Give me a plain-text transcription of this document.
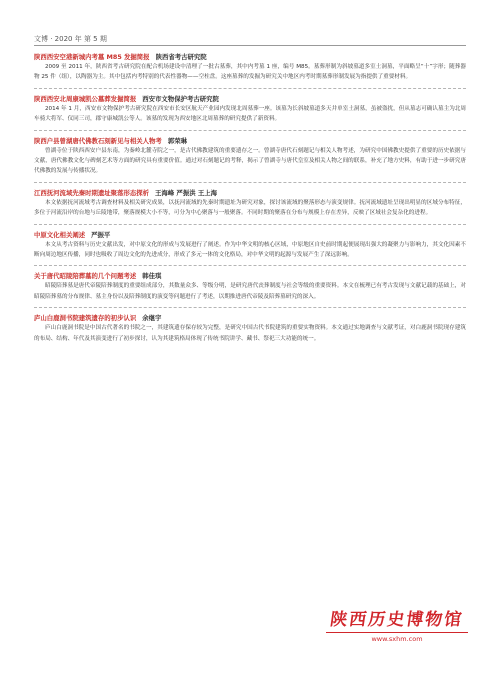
文博 · 2020 年 第 5 期
陕西西安空港新城内考墓 M85 发掘简报 陕西省考古研究院

2009 至 2011 年，陕西省考古研究院在配合机场建设中清理了一批古墓葬，其中内考墓 1 座，编号 M85。墓葬形制为斜坡墓道多室土洞墓，平面略呈“十”字形；随葬器物 25 件（组），以陶器为主。其中包括内考特别的代表性器物——空柱盘。这座墓葬的发掘为研究关中地区内考时期墓葬形制发展为指提供了重要材料。

陕西西安北周康城凯公墓葬发掘简报 西安市文物保护考古研究院

2014 年 1 月，西安市文物保护考古研究院在西安市长安区航天产业园内发现北周墓葬一座。该墓为长斜坡墓道多天井单室土洞墓，虽被盗扰，但从墓志可确认墓主为北周车骑大将军、仪同三司，郡守康城凯公等人。该墓的发现为西安地区北周墓葬的研究提供了新资料。

陕西户县曾湖唐代佛教石刻新见与相关人物考 郭荣琳

曾湖寺位于陕西西安户县东南，为秦岭北麓寺院之一，是古代佛教建筑的重要遗存之一。曾湖寺唐代石刻题记与相关人物考述，为研究中国佛教史提供了重要的历史依据与文献，唐代佛教文化与碑刻艺术等方面的研究具有重要价值。通过对石刻题记的考释，揭示了曾湖寺与唐代皇室及相关人物之间的联系，补充了地方史料，有助于进一步研究唐代佛教的发展与传播状况。

江西抚河流域先秦时期遗址聚落形态探析 王海峰 严振洪 王上海

本文依据抚河流域考古调查材料及相关研究成果，以抚河流域的先秦时期遗址为研究对象，探讨该流域的聚落形态与演变规律。抚河流域遗址呈现出明显的区域分布特征，多位于河流沿岸的台地与丘陵地带，聚落规模大小不等，可分为中心聚落与一般聚落。不同时期的聚落在分布与规模上存在差异，反映了区域社会复杂化的进程。

中原文化相关阐述 严振平

本文从考古资料与历史文献出发，对中原文化的形成与发展进行了阐述。作为中华文明的核心区域，中原地区自史前时期起便展现出强大的凝聚力与影响力，其文化因素不断向周边地区传播，同时也吸收了周边文化的先进成分，形成了多元一体的文化格局，对中华文明的起源与发展产生了深远影响。

关于唐代昭陵陪葬墓的几个问题考述 韩佳琪

昭陵陪葬墓是唐代帝陵陪葬制度的重要组成部分，其数量众多、等级分明，是研究唐代丧葬制度与社会等级的重要资料。本文在梳理已有考古发现与文献记载的基础上，对昭陵陪葬墓的分布规律、墓主身份以及陪葬制度的演变等问题进行了考述，以期推进唐代帝陵及陪葬墓研究的深入。

庐山白鹿洞书院建筑遗存的初步认识 余继宇

庐山白鹿洞书院是中国古代著名的书院之一，其建筑遗存保存较为完整，是研究中国古代书院建筑的重要实物资料。本文通过实地调查与文献考证，对白鹿洞书院现存建筑的布局、结构、年代及其演变进行了初步探讨，认为其建筑格局体现了传统书院讲学、藏书、祭祀三大功能的统一。

陕西历史博物馆
www.sxhm.com
